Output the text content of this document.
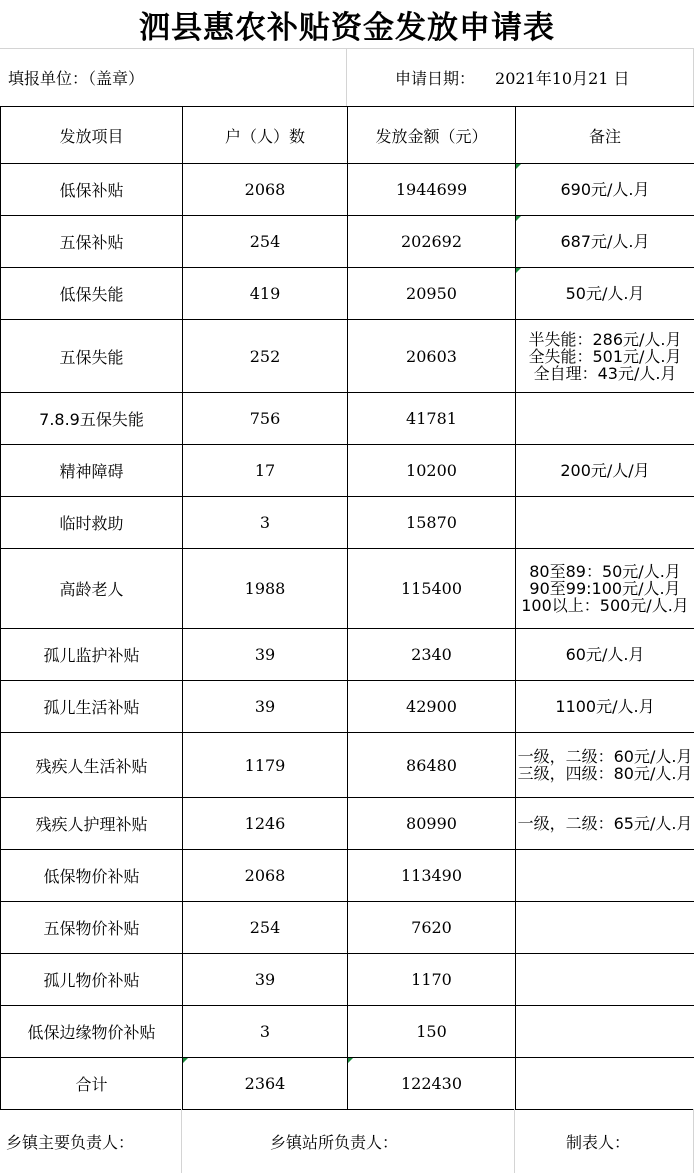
泗县惠农补贴资金发放申请表
填报单位：（盖章）	申请日期： 2021年10月21 日
发放项目	户（人）数	发放金额（元）	备注
低保补贴	2068	1944699	690元/人.月

五保补贴	254	202692	687元/人.月

低保失能	419	20950	50元/人.月

五保失能	252	20603	半失能：286元/人.月
全失能：501元/人.月
全自理：43元/人.月

7.8.9五保失能	756	41781	
精神障碍	17	10200	200元/人/月

临时救助	3	15870	
高龄老人	1988	115400	80至89：50元/人.月
90至99:100元/人.月
100以上：500元/人.月

孤儿监护补贴	39	2340	60元/人.月

孤儿生活补贴	39	42900	1100元/人.月

残疾人生活补贴	1179	86480	一级，二级：60元/人.月
三级，四级：80元/人.月

残疾人护理补贴	1246	80990	一级，二级：65元/人.月

低保物价补贴	2068	113490	
五保物价补贴	254	7620	
孤儿物价补贴	39	1170	
低保边缘物价补贴	3	150	
合计	2364	122430	
乡镇主要负责人：	乡镇站所负责人：	制表人：
